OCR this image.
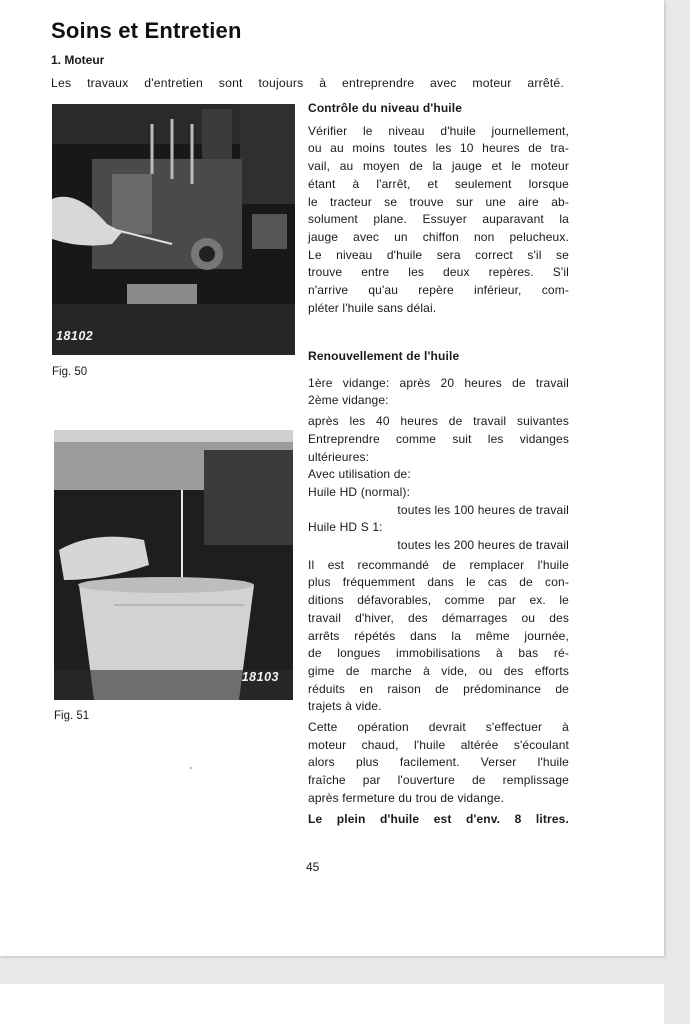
Soins et Entretien
1. Moteur
Les travaux d'entretien sont toujours à entreprendre avec moteur arrêté.
18102
Fig. 50
18103
Fig. 51
Contrôle du niveau d'huile
Vérifier le niveau d'huile journellement,
ou au moins toutes les 10 heures de tra-
vail, au moyen de la jauge et le moteur
étant à l'arrêt, et seulement lorsque
le tracteur se trouve sur une aire ab-
solument plane. Essuyer auparavant la
jauge avec un chiffon non pelucheux.
Le niveau d'huile sera correct s'il se
trouve entre les deux repères. S'il
n'arrive qu'au repère inférieur, com-
pléter l'huile sans délai.
Renouvellement de l'huile
1ère vidange: après 20 heures de travail
2ème vidange:
après les 40 heures de travail suivantes
Entreprendre comme suit les vidanges
ultérieures:
Avec utilisation de:
Huile HD (normal):
toutes les 100 heures de travail
Huile HD S 1:
toutes les 200 heures de travail
Il est recommandé de remplacer l'huile
plus fréquemment dans le cas de con-
ditions défavorables, comme par ex. le
travail d'hiver, des démarrages ou des
arrêts répétés dans la même journée,
de longues immobilisations à bas ré-
gime de marche à vide, ou des efforts
réduits en raison de prédominance de
trajets à vide.
Cette opération devrait s'effectuer à
moteur chaud, l'huile altérée s'écoulant
alors plus facilement. Verser l'huile
fraîche par l'ouverture de remplissage
après fermeture du trou de vidange.
Le plein d'huile est d'env. 8 litres.
45
